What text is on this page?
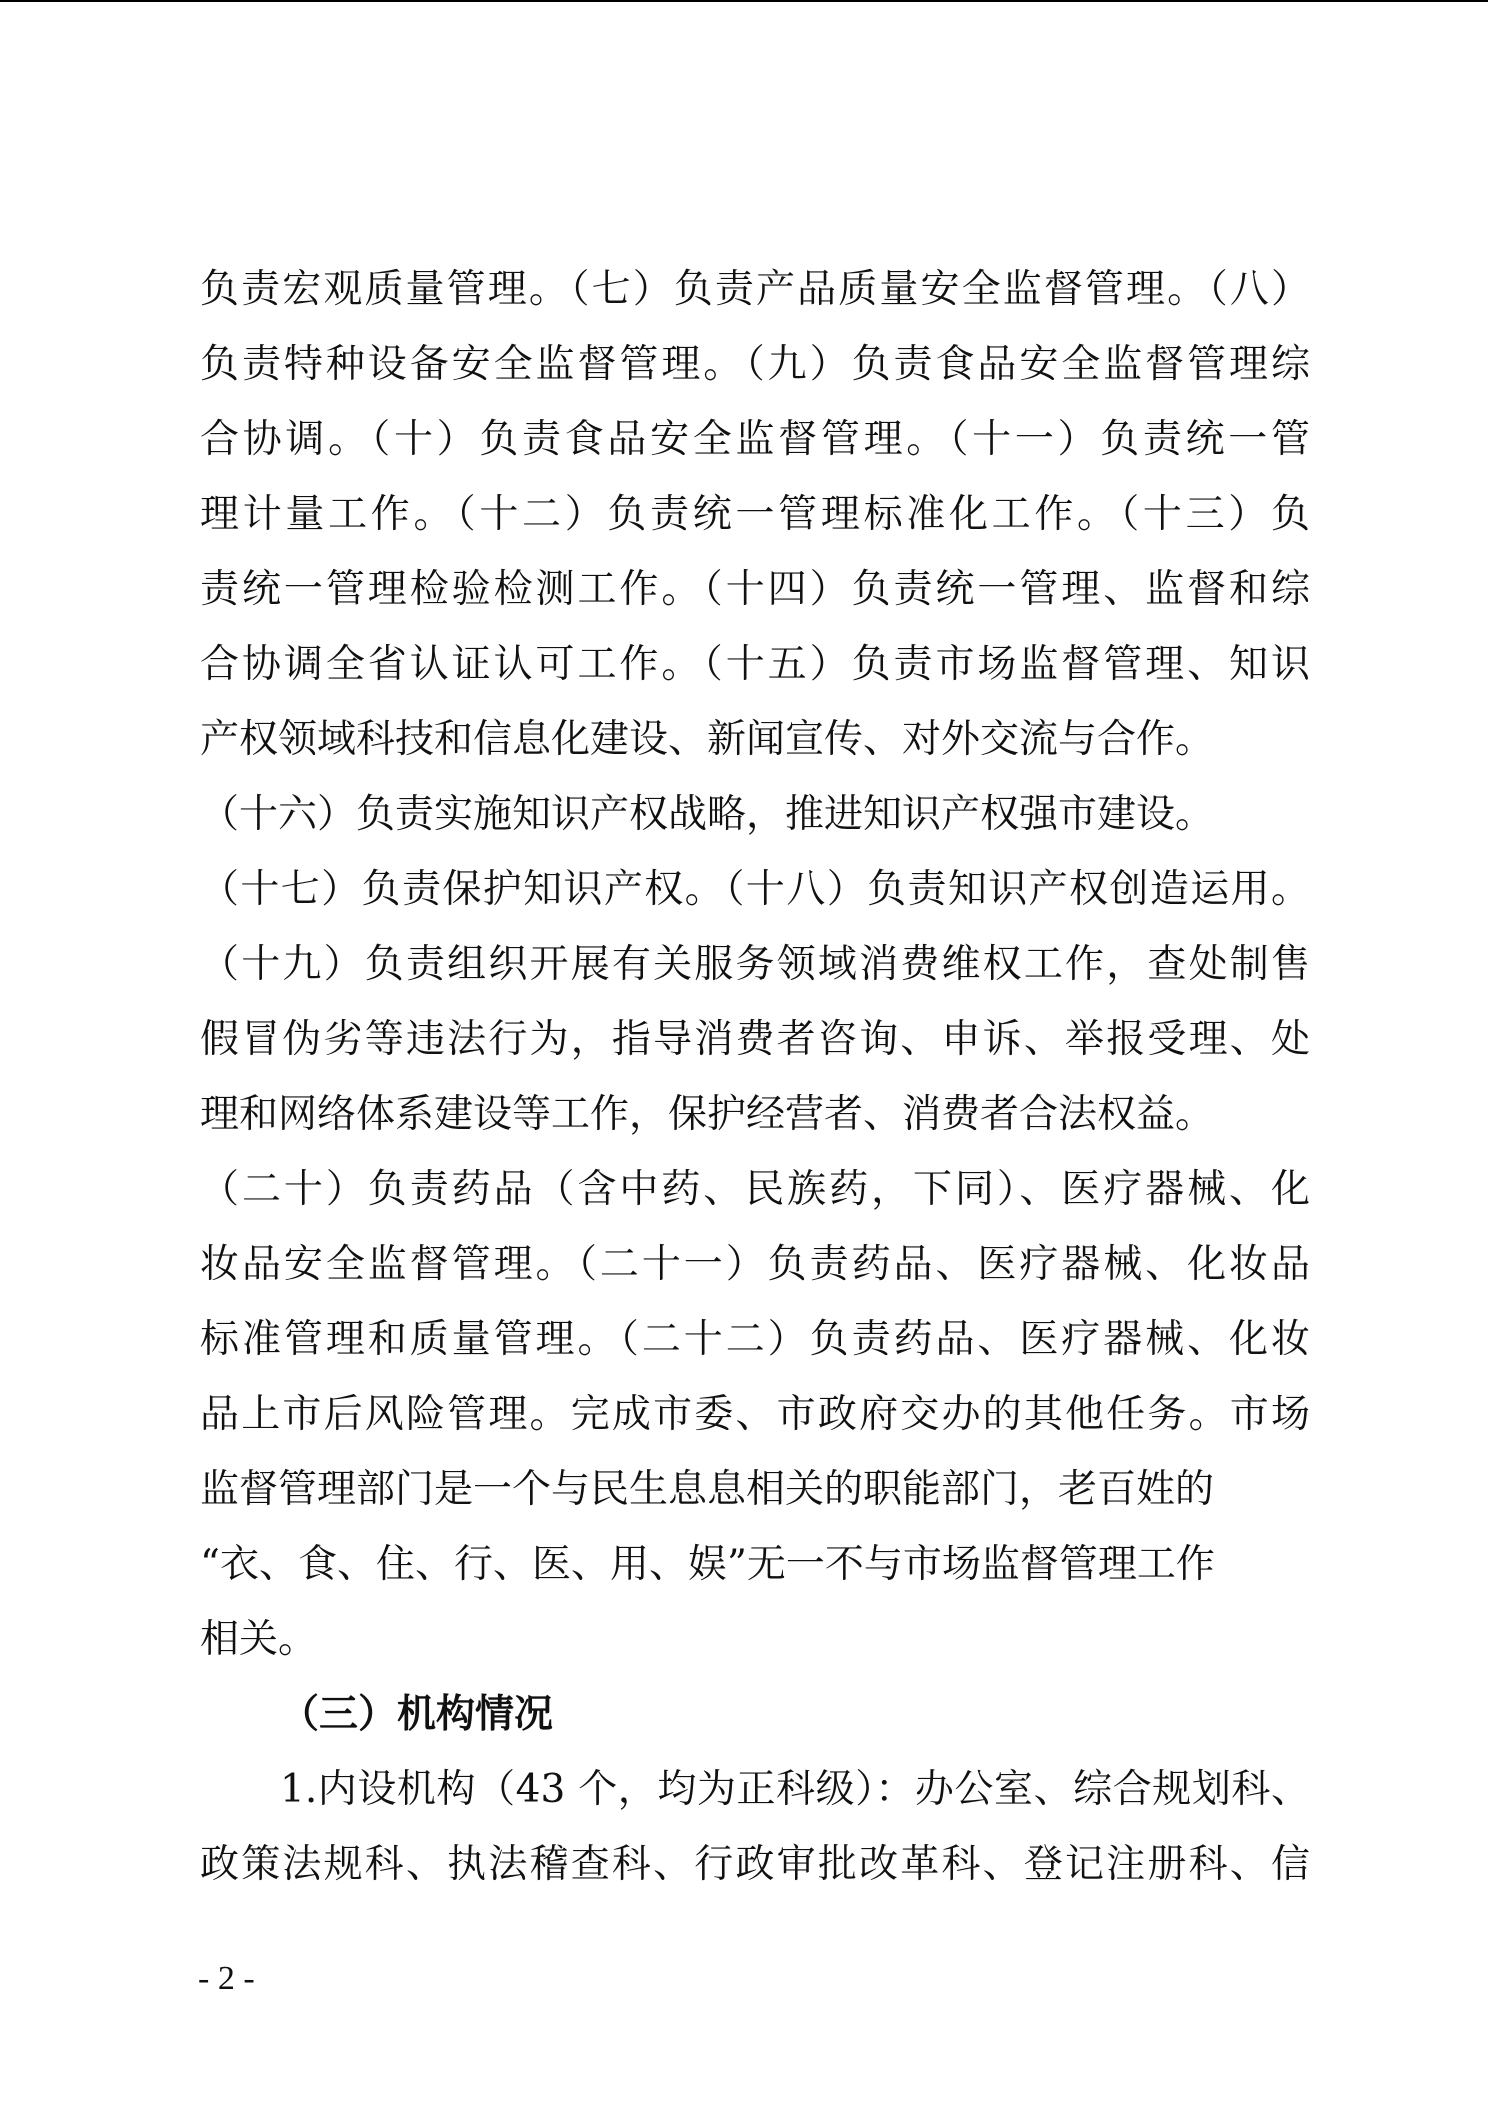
负责宏观质量管理。（七）负责产品质量安全监督管理。（八）
负责特种设备安全监督管理。（九）负责食品安全监督管理综
合协调。（十）负责食品安全监督管理。（十一）负责统一管
理计量工作。（十二）负责统一管理标准化工作。（十三）负
责统一管理检验检测工作。（十四）负责统一管理、监督和综
合协调全省认证认可工作。（十五）负责市场监督管理、知识
产权领域科技和信息化建设、新闻宣传、对外交流与合作。
（十六）负责实施知识产权战略，推进知识产权强市建设。
（十七）负责保护知识产权。（十八）负责知识产权创造运用。
（十九）负责组织开展有关服务领域消费维权工作，查处制售
假冒伪劣等违法行为，指导消费者咨询、申诉、举报受理、处
理和网络体系建设等工作，保护经营者、消费者合法权益。
（二十）负责药品（含中药、民族药，下同）、医疗器械、化
妆品安全监督管理。（二十一）负责药品、医疗器械、化妆品
标准管理和质量管理。（二十二）负责药品、医疗器械、化妆
品上市后风险管理。完成市委、市政府交办的其他任务。市场
监督管理部门是一个与民生息息相关的职能部门，老百姓的
“衣、食、住、行、医、用、娱”无一不与市场监督管理工作
相关。
（三）机构情况
1.内设机构（43 个，均为正科级）：办公室、综合规划科、
政策法规科、执法稽查科、行政审批改革科、登记注册科、信
- 2 -
